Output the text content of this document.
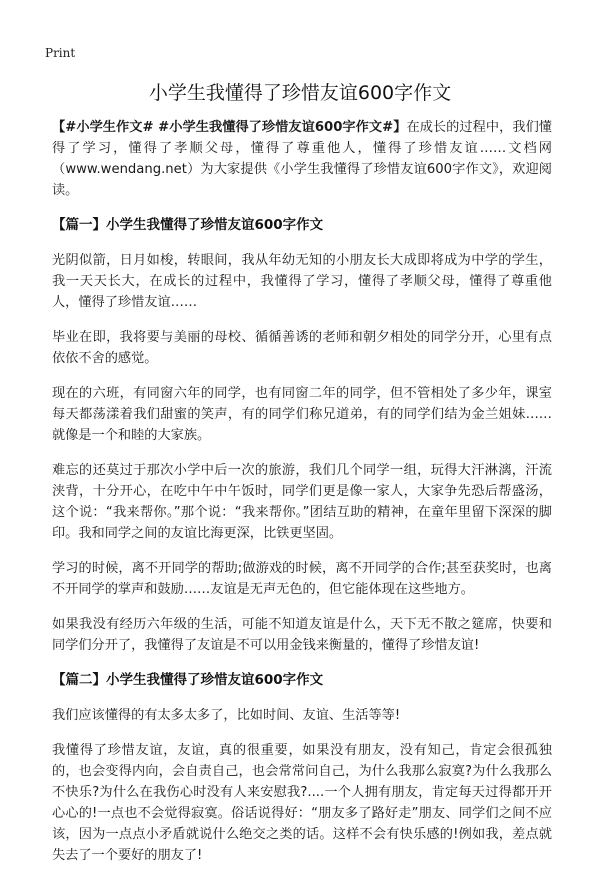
Print
小学生我懂得了珍惜友谊600字作文

【#小学生作文# #小学生我懂得了珍惜友谊600字作文#】在成长的过程中，我们懂得了学习，懂得了孝顺父母，懂得了尊重他人，懂得了珍惜友谊……文档网（www.wendang.net）为大家提供《小学生我懂得了珍惜友谊600字作文》，欢迎阅读。

【篇一】小学生我懂得了珍惜友谊600字作文

光阴似箭，日月如梭，转眼间，我从年幼无知的小朋友长大成即将成为中学的学生，我一天天长大，在成长的过程中，我懂得了学习，懂得了孝顺父母，懂得了尊重他人，懂得了珍惜友谊……

毕业在即，我将要与美丽的母校、循循善诱的老师和朝夕相处的同学分开，心里有点依依不舍的感觉。

现在的六班，有同窗六年的同学，也有同窗二年的同学，但不管相处了多少年，课室每天都荡漾着我们甜蜜的笑声，有的同学们称兄道弟，有的同学们结为金兰姐妹……就像是一个和睦的大家族。

难忘的还莫过于那次小学中后一次的旅游，我们几个同学一组，玩得大汗淋漓，汗流浃背，十分开心，在吃中午中午饭时，同学们更是像一家人，大家争先恐后帮盛汤，这个说：“我来帮你。”那个说：“我来帮你。”团结互助的精神，在童年里留下深深的脚印。我和同学之间的友谊比海更深，比铁更坚固。

学习的时候，离不开同学的帮助;做游戏的时候，离不开同学的合作;甚至获奖时，也离不开同学的掌声和鼓励……友谊是无声无色的，但它能体现在这些地方。

如果我没有经历六年级的生活，可能不知道友谊是什么，天下无不散之筵席，快要和同学们分开了，我懂得了友谊是不可以用金钱来衡量的，懂得了珍惜友谊!

【篇二】小学生我懂得了珍惜友谊600字作文

我们应该懂得的有太多太多了，比如时间、友谊、生活等等!

我懂得了珍惜友谊，友谊，真的很重要，如果没有朋友，没有知己，肯定会很孤独的，也会变得内向，会自责自己，也会常常问自己，为什么我那么寂寞?为什么我那么不快乐?为什么在我伤心时没有人来安慰我?....一个人拥有朋友，肯定每天过得都开开心心的!一点也不会觉得寂寞。俗话说得好：“朋友多了路好走”朋友、同学们之间不应该，因为一点点小矛盾就说什么绝交之类的话。这样不会有快乐感的!例如我，差点就失去了一个要好的朋友了!
